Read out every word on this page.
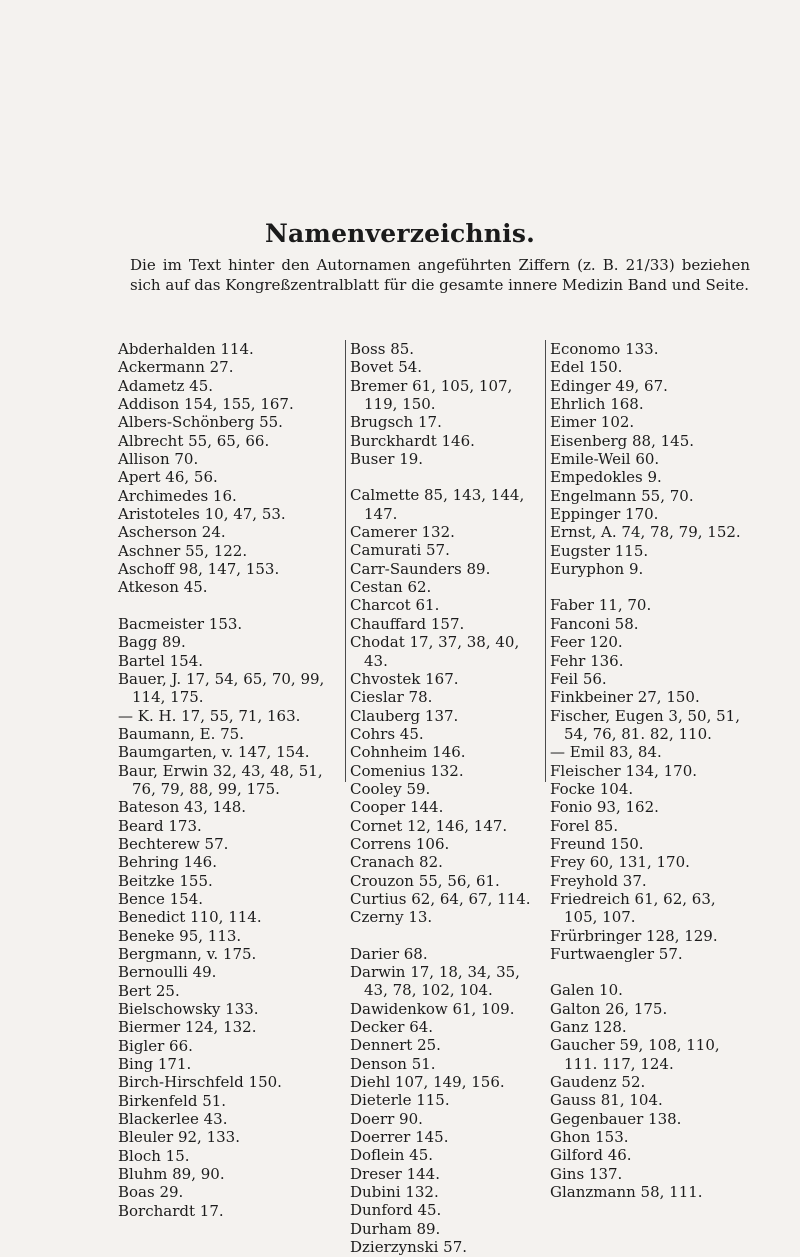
Namenverzeichnis.
Die im Text hinter den Autornamen angeführten Ziffern (z. B. 21/33) beziehen sich auf das Kongreßzentralblatt für die gesamte innere Medizin Band und Seite.
Abderhalden 114.
Ackermann 27.
Adametz 45.
Addison 154, 155, 167.
Albers-Schönberg 55.
Albrecht 55, 65, 66.
Allison 70.
Apert 46, 56.
Archimedes 16.
Aristoteles 10, 47, 53.
Ascherson 24.
Aschner 55, 122.
Aschoff 98, 147, 153.
Atkeson 45.
Bacmeister 153.
Bagg 89.
Bartel 154.
Bauer, J. 17, 54, 65, 70, 99, 114, 175.
— K. H. 17, 55, 71, 163.
Baumann, E. 75.
Baumgarten, v. 147, 154.
Baur, Erwin 32, 43, 48, 51, 76, 79, 88, 99, 175.
Bateson 43, 148.
Beard 173.
Bechterew 57.
Behring 146.
Beitzke 155.
Bence 154.
Benedict 110, 114.
Beneke 95, 113.
Bergmann, v. 175.
Bernoulli 49.
Bert 25.
Bielschowsky 133.
Biermer 124, 132.
Bigler 66.
Bing 171.
Birch-Hirschfeld 150.
Birkenfeld 51.
Blackerlee 43.
Bleuler 92, 133.
Bloch 15.
Bluhm 89, 90.
Boas 29.
Borchardt 17.
Boss 85.
Bovet 54.
Bremer 61, 105, 107, 119, 150.
Brugsch 17.
Burckhardt 146.
Buser 19.
Calmette 85, 143, 144, 147.
Camerer 132.
Camurati 57.
Carr-Saunders 89.
Cestan 62.
Charcot 61.
Chauffard 157.
Chodat 17, 37, 38, 40, 43.
Chvostek 167.
Cieslar 78.
Clauberg 137.
Cohrs 45.
Cohnheim 146.
Comenius 132.
Cooley 59.
Cooper 144.
Cornet 12, 146, 147.
Correns 106.
Cranach 82.
Crouzon 55, 56, 61.
Curtius 62, 64, 67, 114.
Czerny 13.
Darier 68.
Darwin 17, 18, 34, 35, 43, 78, 102, 104.
Dawidenkow 61, 109.
Decker 64.
Dennert 25.
Denson 51.
Diehl 107, 149, 156.
Dieterle 115.
Doerr 90.
Doerrer 145.
Doflein 45.
Dreser 144.
Dubini 132.
Dunford 45.
Durham 89.
Dzierzynski 57.
Economo 133.
Edel 150.
Edinger 49, 67.
Ehrlich 168.
Eimer 102.
Eisenberg 88, 145.
Emile-Weil 60.
Empedokles 9.
Engelmann 55, 70.
Eppinger 170.
Ernst, A. 74, 78, 79, 152.
Eugster 115.
Euryphon 9.
Faber 11, 70.
Fanconi 58.
Feer 120.
Fehr 136.
Feil 56.
Finkbeiner 27, 150.
Fischer, Eugen 3, 50, 51, 54, 76, 81. 82, 110.
— Emil 83, 84.
Fleischer 134, 170.
Focke 104.
Fonio 93, 162.
Forel 85.
Freund 150.
Frey 60, 131, 170.
Freyhold 37.
Friedreich 61, 62, 63, 105, 107.
Frürbringer 128, 129.
Furtwaengler 57.
Galen 10.
Galton 26, 175.
Ganz 128.
Gaucher 59, 108, 110, 111. 117, 124.
Gaudenz 52.
Gauss 81, 104.
Gegenbauer 138.
Ghon 153.
Gilford 46.
Gins 137.
Glanzmann 58, 111.
